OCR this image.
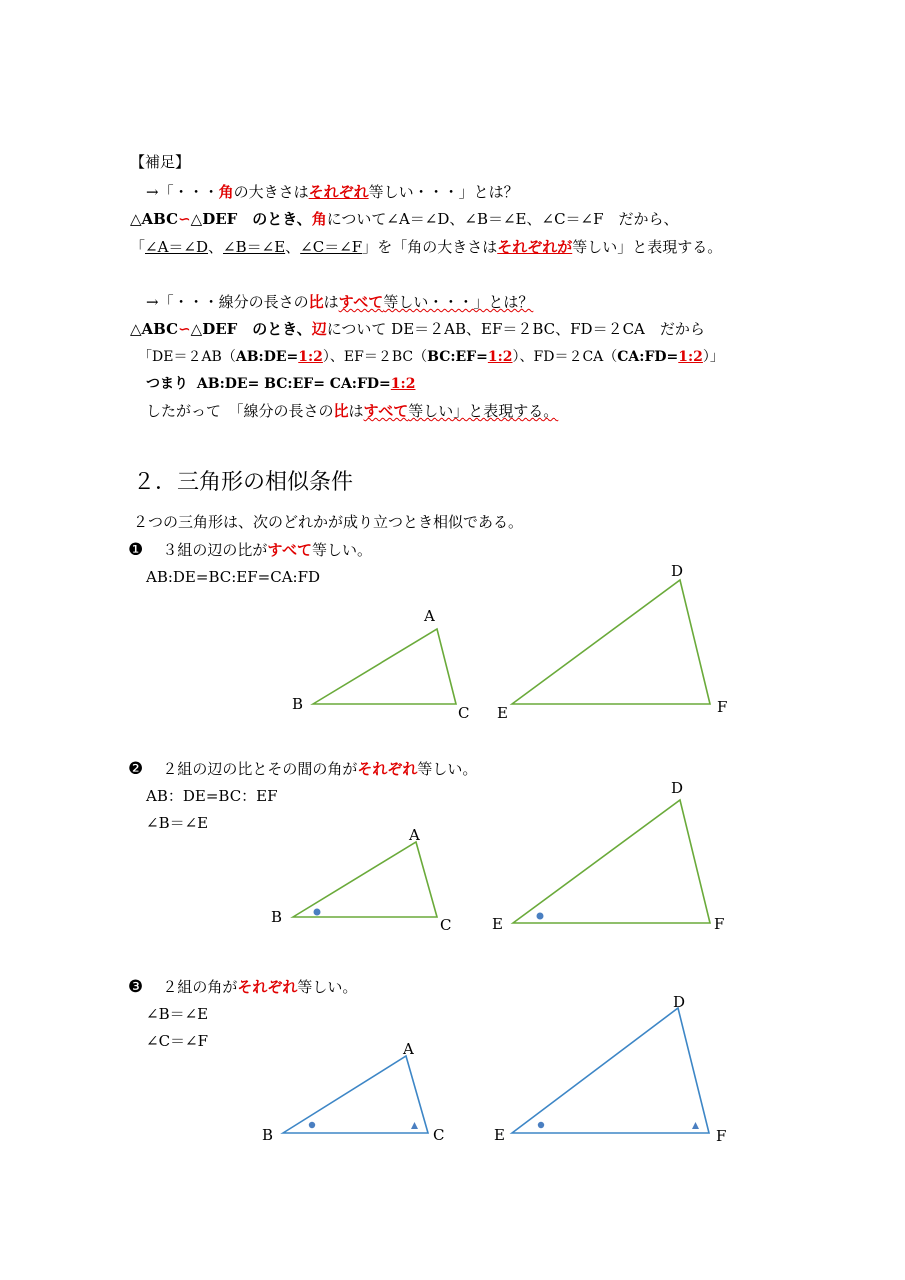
【補足】
→「・・・角の大きさはそれぞれ等しい・・・」とは？
△ABC∽△DEF　のとき、角について∠A＝∠D、∠B＝∠E、∠C＝∠F　だから、
「∠A＝∠D、∠B＝∠E、∠C＝∠F」を「角の大きさはそれぞれが等しい」と表現する。
→「・・・線分の長さの比はすべて等しい・・・」とは？
△ABC∽△DEF　のとき、辺について DE＝２AB、EF＝２BC、FD＝２CA　だから
「DE＝２AB（AB:DE=1:2）、EF＝２BC（BC:EF=1:2）、FD＝２CA（CA:FD=1:2）」
つまり AB:DE= BC:EF= CA:FD=1:2
したがって　「線分の長さの比はすべて等しい」と表現する。
２．三角形の相似条件
２つの三角形は、次のどれかが成り立つとき相似である。
❶ ３組の辺の比がすべて等しい。
AB:DE=BC:EF=CA:FD
❷ ２組の辺の比とその間の角がそれぞれ等しい。
AB：DE=BC：EF
∠B＝∠E
❸ ２組の角がそれぞれ等しい。
∠B＝∠E
∠C＝∠F
A
B	C
D
E	F
A
B	C
D
E	F
A
B	C
D
E	F
